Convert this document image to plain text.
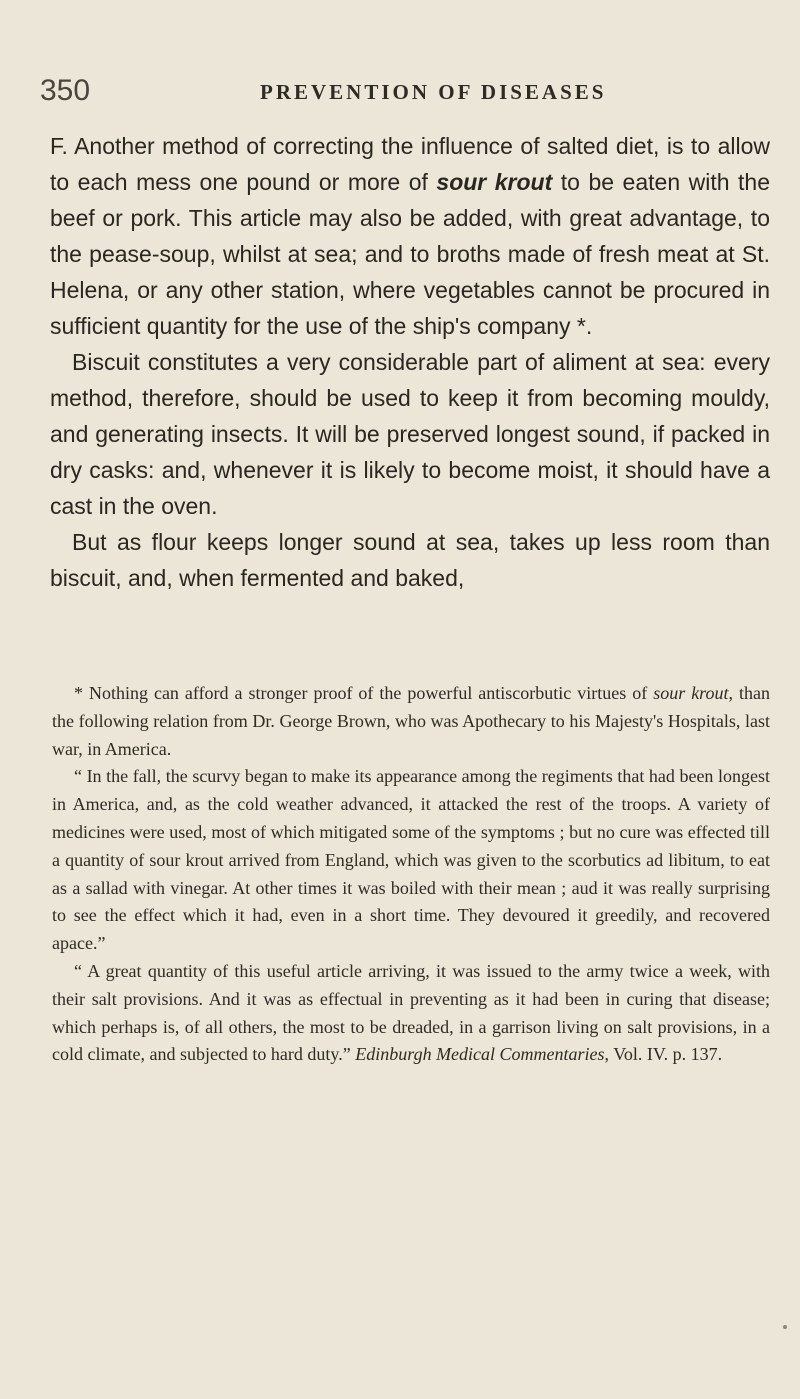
350	PREVENTION OF DISEASES

F. Another method of correcting the influence of salted diet, is to allow to each mess one pound or more of sour krout to be eaten with the beef or pork. This article may also be added, with great advantage, to the pease-soup, whilst at sea; and to broths made of fresh meat at St. Helena, or any other station, where vegetables cannot be procured in sufficient quantity for the use of the ship's company *.

Biscuit constitutes a very considerable part of aliment at sea: every method, therefore, should be used to keep it from becoming mouldy, and generating insects. It will be preserved longest sound, if packed in dry casks: and, whenever it is likely to become moist, it should have a cast in the oven.

But as flour keeps longer sound at sea, takes up less room than biscuit, and, when fermented and baked,

* Nothing can afford a stronger proof of the powerful antiscorbutic virtues of sour krout, than the following relation from Dr. George Brown, who was Apothecary to his Majesty's Hospitals, last war, in America.

“ In the fall, the scurvy began to make its appearance among the regiments that had been longest in America, and, as the cold weather advanced, it attacked the rest of the troops. A variety of medicines were used, most of which mitigated some of the symptoms ; but no cure was effected till a quantity of sour krout arrived from England, which was given to the scorbutics ad libitum, to eat as a sallad with vinegar. At other times it was boiled with their mean ; aud it was really surprising to see the effect which it had, even in a short time. They devoured it greedily, and recovered apace.”

“ A great quantity of this useful article arriving, it was issued to the army twice a week, with their salt provisions. And it was as effectual in preventing as it had been in curing that disease; which perhaps is, of all others, the most to be dreaded, in a garrison living on salt provisions, in a cold climate, and subjected to hard duty.” Edinburgh Medical Commentaries, Vol. IV. p. 137.
